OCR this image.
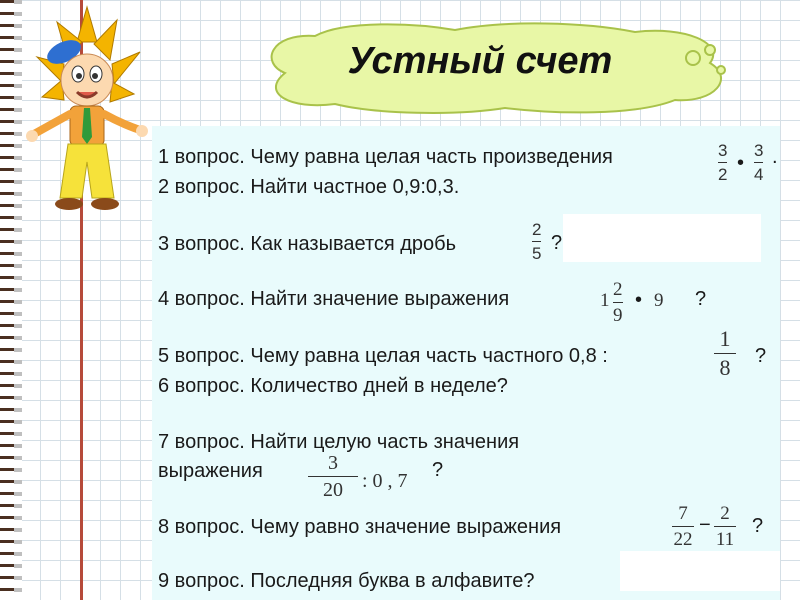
Устный счет
1 вопрос. Чему равна целая часть произведения	3
2
•
3
4
.
2 вопрос. Найти частное 0,9:0,3.
3 вопрос. Как называется дробь
2
5 ?
4 вопрос. Найти значение выражения	1
2
9
• 9 ?
5 вопрос. Чему равна целая часть частного 0,8 :
1
8 ?
6 вопрос. Количество дней в неделе?
7 вопрос. Найти целую часть значения
выражения	3
20 : 0 , 7 ?
8 вопрос. Чему равно значение выражения
7
22
−
2
11
?
9 вопрос. Последняя буква в алфавите?
